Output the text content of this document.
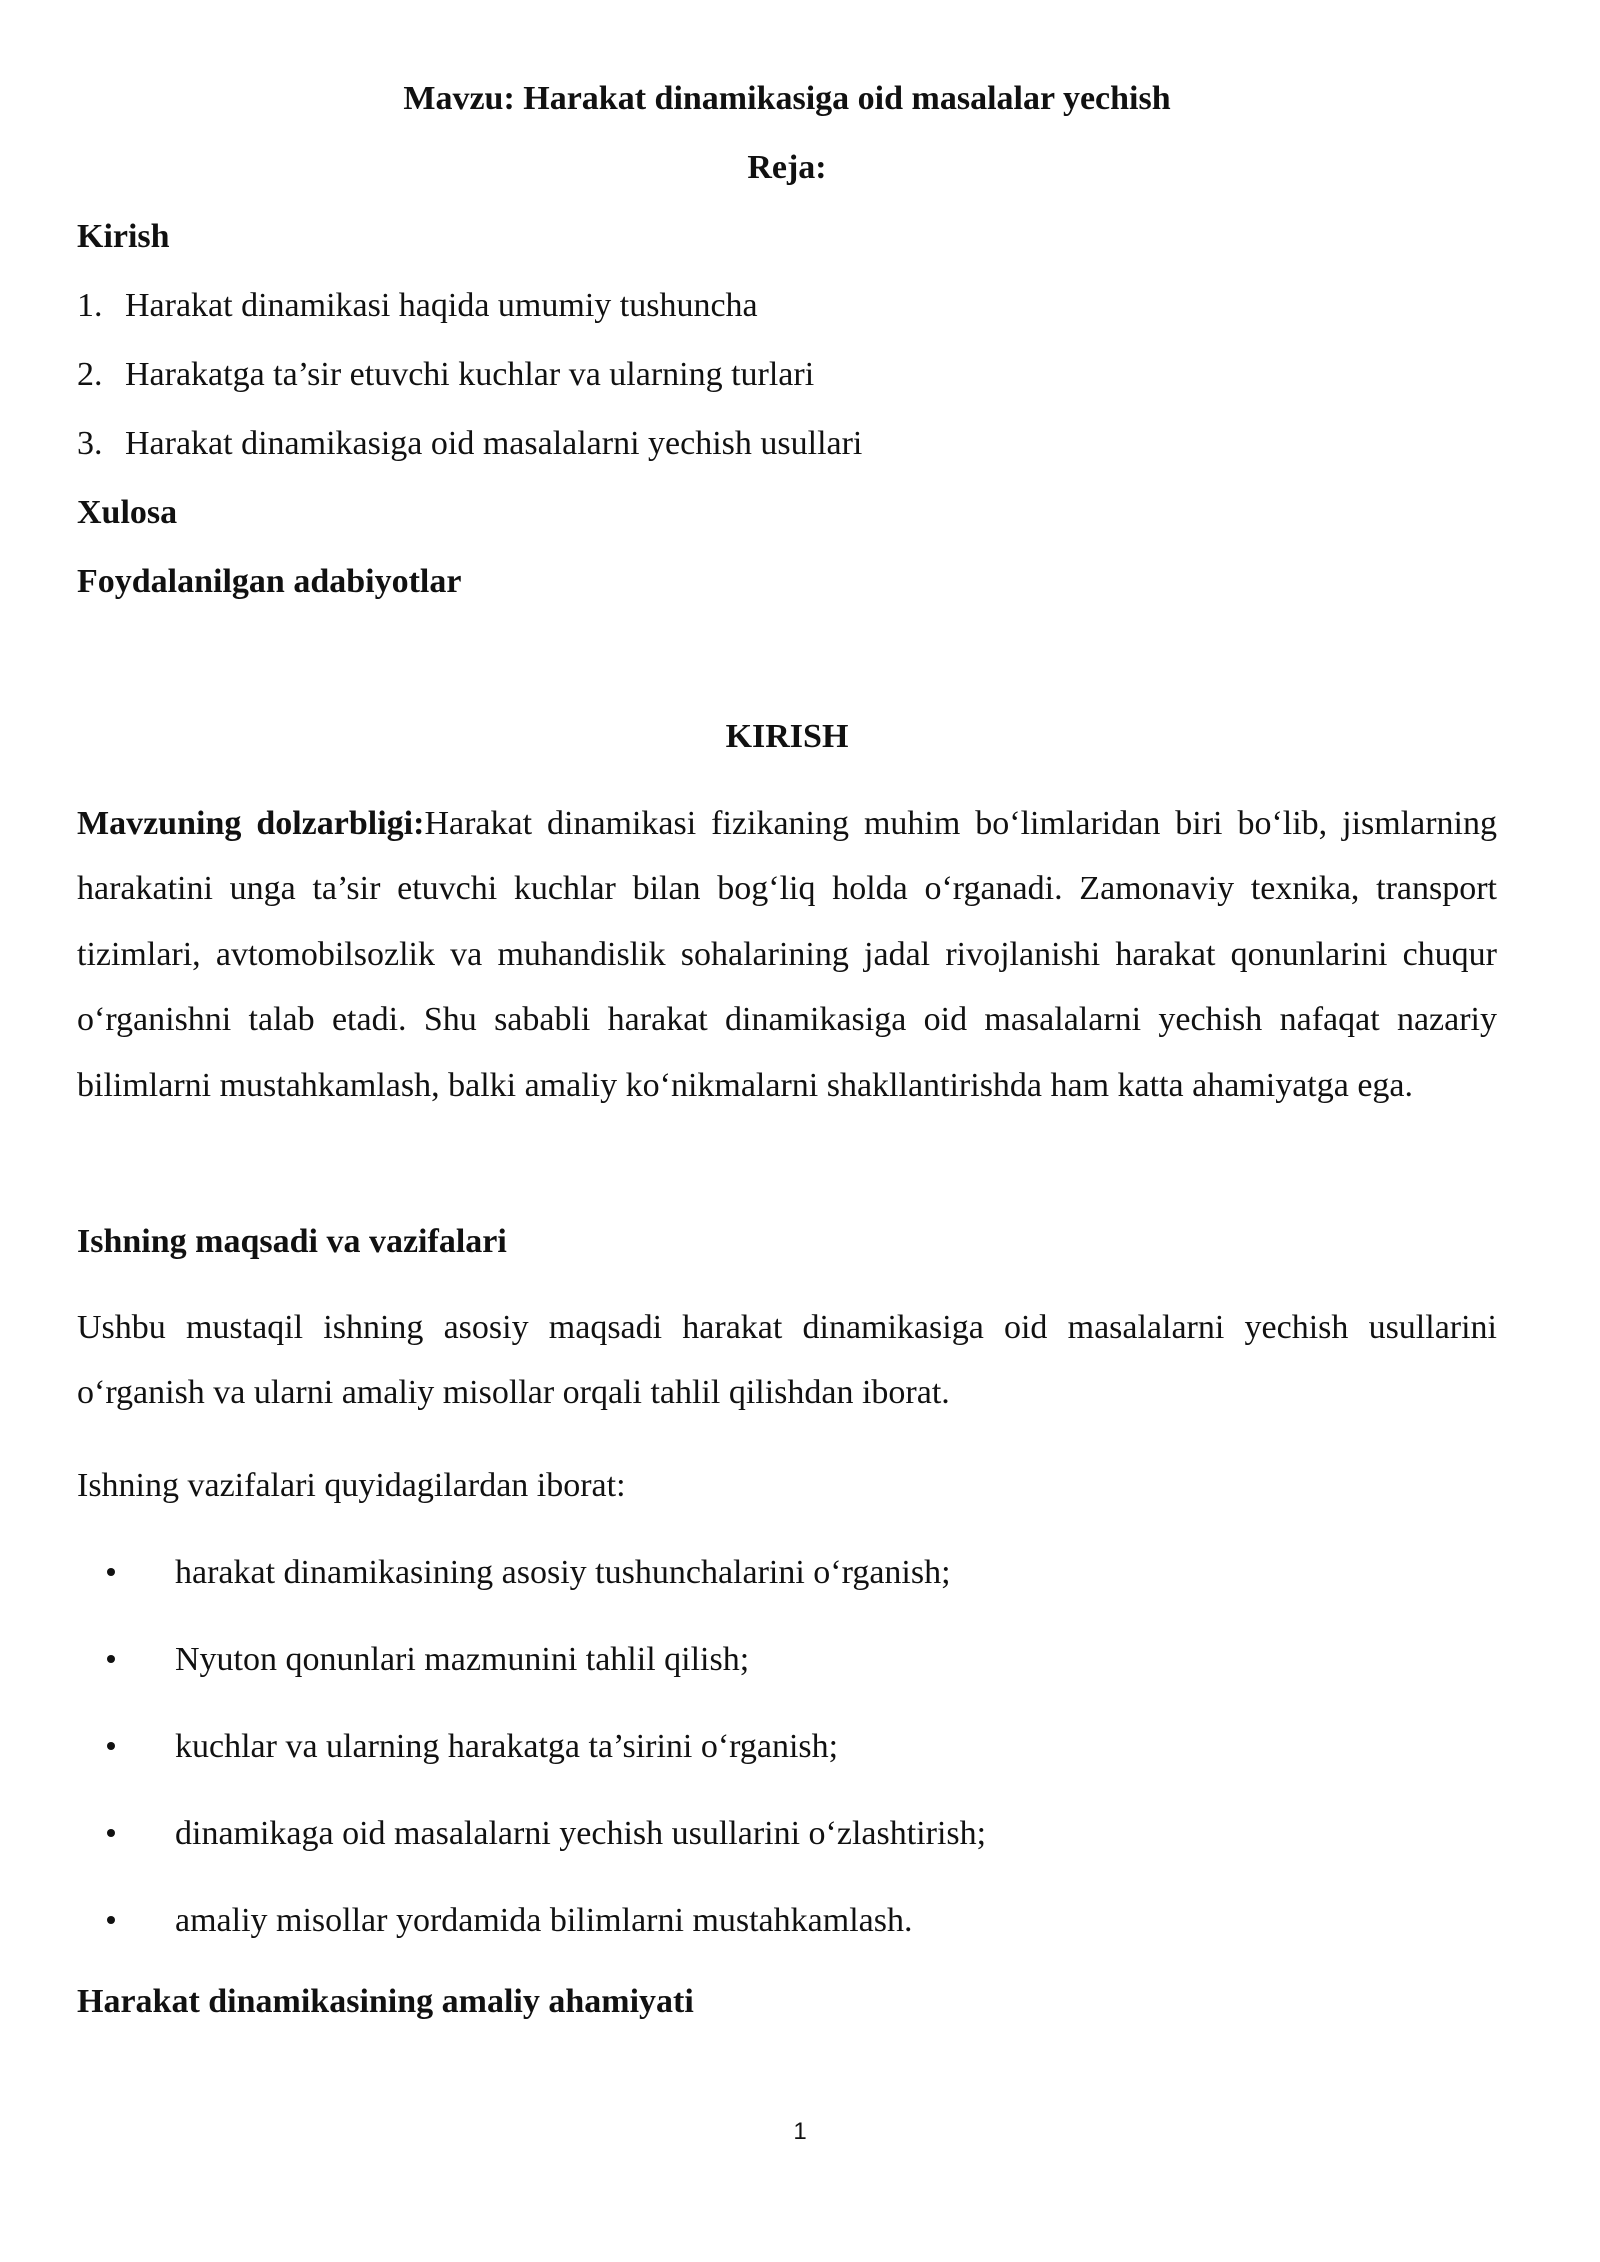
Mavzu: Harakat dinamikasiga oid masalalar yechish
Reja:
Kirish
1. Harakat dinamikasi haqida umumiy tushuncha
2. Harakatga ta’sir etuvchi kuchlar va ularning turlari
3. Harakat dinamikasiga oid masalalarni yechish usullari
Xulosa
Foydalanilgan adabiyotlar
KIRISH
Mavzuning dolzarbligi:Harakat dinamikasi fizikaning muhim bo‘limlaridan biri bo‘lib, jismlarning harakatini unga ta’sir etuvchi kuchlar bilan bog‘liq holda o‘rganadi. Zamonaviy texnika, transport tizimlari, avtomobilsozlik va muhandislik sohalarining jadal rivojlanishi harakat qonunlarini chuqur o‘rganishni talab etadi. Shu sababli harakat dinamikasiga oid masalalarni yechish nafaqat nazariy bilimlarni mustahkamlash, balki amaliy ko‘nikmalarni shakllantirishda ham katta ahamiyatga ega.
Ishning maqsadi va vazifalari
Ushbu mustaqil ishning asosiy maqsadi harakat dinamikasiga oid masalalarni yechish usullarini o‘rganish va ularni amaliy misollar orqali tahlil qilishdan iborat.
Ishning vazifalari quyidagilardan iborat:
harakat dinamikasining asosiy tushunchalarini o‘rganish;
Nyuton qonunlari mazmunini tahlil qilish;
kuchlar va ularning harakatga ta’sirini o‘rganish;
dinamikaga oid masalalarni yechish usullarini o‘zlashtirish;
amaliy misollar yordamida bilimlarni mustahkamlash.
Harakat dinamikasining amaliy ahamiyati
1
